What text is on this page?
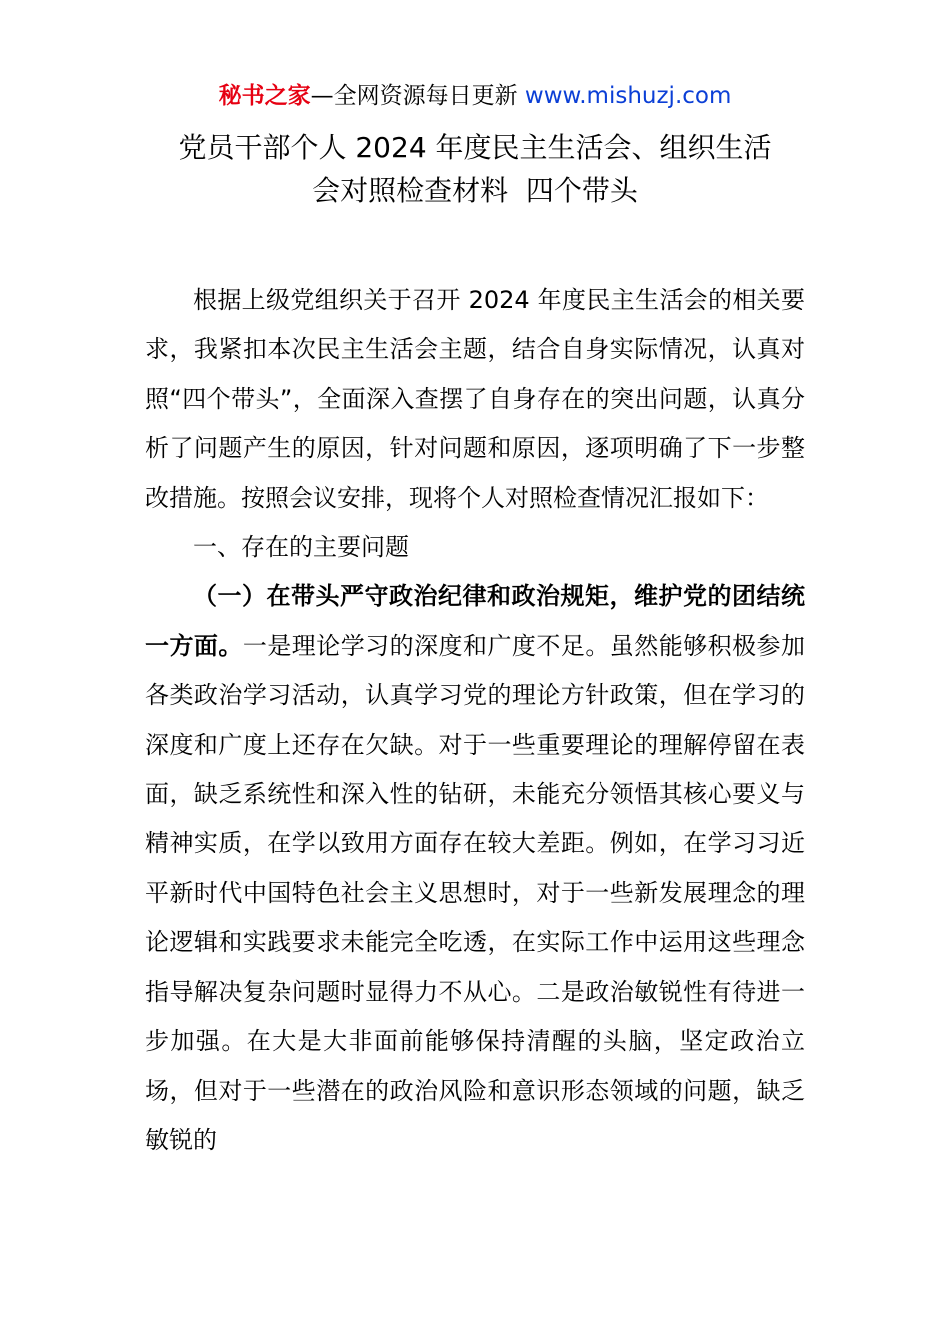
秘书之家—全网资源每日更新 www.mishuzj.com
党员干部个人 2024 年度民主生活会、组织生活
会对照检查材料  四个带头

根据上级党组织关于召开 2024 年度民主生活会的相关要求，我紧扣本次民主生活会主题，结合自身实际情况，认真对照“四个带头”，全面深入查摆了自身存在的突出问题，认真分析了问题产生的原因，针对问题和原因，逐项明确了下一步整改措施。按照会议安排，现将个人对照检查情况汇报如下：

一、存在的主要问题

（一）在带头严守政治纪律和政治规矩，维护党的团结统一方面。一是理论学习的深度和广度不足。虽然能够积极参加各类政治学习活动，认真学习党的理论方针政策，但在学习的深度和广度上还存在欠缺。对于一些重要理论的理解停留在表面，缺乏系统性和深入性的钻研，未能充分领悟其核心要义与精神实质，在学以致用方面存在较大差距。例如，在学习习近平新时代中国特色社会主义思想时，对于一些新发展理念的理论逻辑和实践要求未能完全吃透，在实际工作中运用这些理念指导解决复杂问题时显得力不从心。二是政治敏锐性有待进一步加强。在大是大非面前能够保持清醒的头脑，坚定政治立场，但对于一些潜在的政治风险和意识形态领域的问题，缺乏敏锐的
